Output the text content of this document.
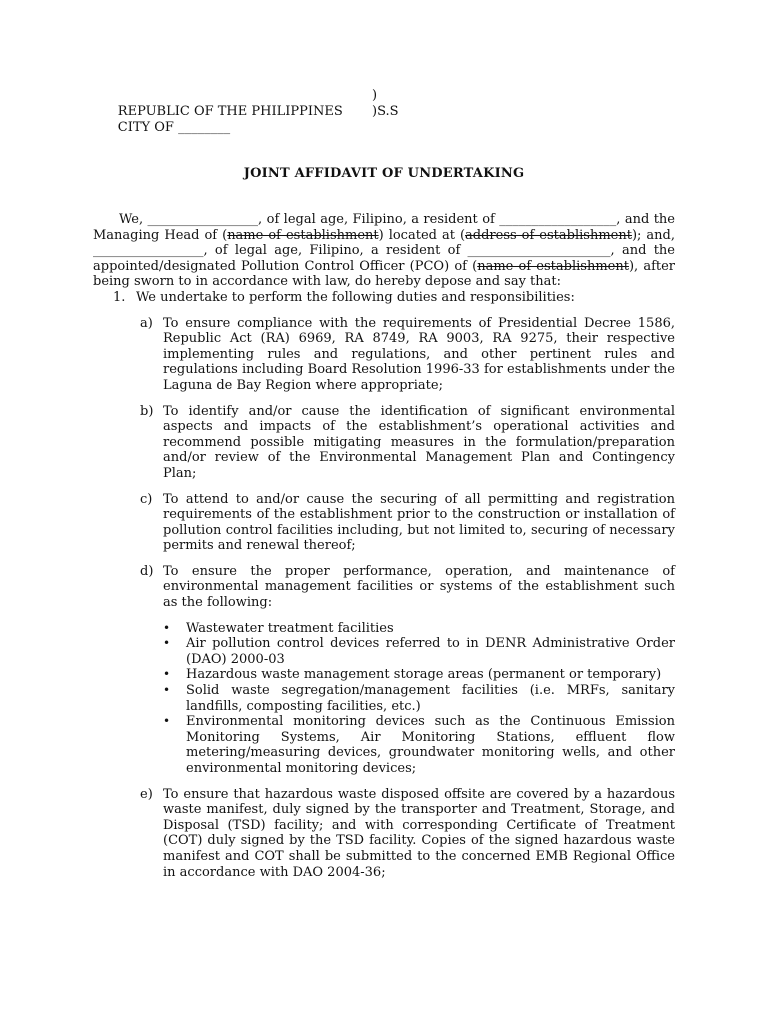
REPUBLIC OF THE PHILIPPINES

)

CITY OF ________

)S.S

JOINT AFFIDAVIT OF UNDERTAKING

We, _________________, of legal age, Filipino, a resident of __________________, and the Managing Head of (name of establishment) located at (address of establishment); and, _________________, of legal age, Filipino, a resident of ______________________, and the appointed/designated Pollution Control Officer (PCO) of (name of establishment), after being sworn to in accordance with law, do hereby depose and say that:

1. We undertake to perform the following duties and responsibilities:
a) To ensure compliance with the requirements of Presidential Decree 1586, Republic Act (RA) 6969, RA 8749, RA 9003, RA 9275, their respective implementing rules and regulations, and other pertinent rules and regulations including Board Resolution 1996-33 for establishments under the Laguna de Bay Region where appropriate;
b) To identify and/or cause the identification of significant environmental aspects and impacts of the establishment’s operational activities and recommend possible mitigating measures in the formulation/preparation and/or review of the Environmental Management Plan and Contingency Plan;
c) To attend to and/or cause the securing of all permitting and registration requirements of the establishment prior to the construction or installation of pollution control facilities including, but not limited to, securing of necessary permits and renewal thereof;
d) To ensure the proper performance, operation, and maintenance of environmental management facilities or systems of the establishment such as the following:
• Wastewater treatment facilities
• Air pollution control devices referred to in DENR Administrative Order (DAO) 2000-03
• Hazardous waste management storage areas (permanent or temporary)
• Solid waste segregation/management facilities (i.e. MRFs, sanitary landfills, composting facilities, etc.)
• Environmental monitoring devices such as the Continuous Emission Monitoring Systems, Air Monitoring Stations, effluent flow metering/measuring devices, groundwater monitoring wells, and other environmental monitoring devices;
e) To ensure that hazardous waste disposed offsite are covered by a hazardous waste manifest, duly signed by the transporter and Treatment, Storage, and Disposal (TSD) facility; and with corresponding Certificate of Treatment (COT) duly signed by the TSD facility. Copies of the signed hazardous waste manifest and COT shall be submitted to the concerned EMB Regional Office in accordance with DAO 2004-36;
